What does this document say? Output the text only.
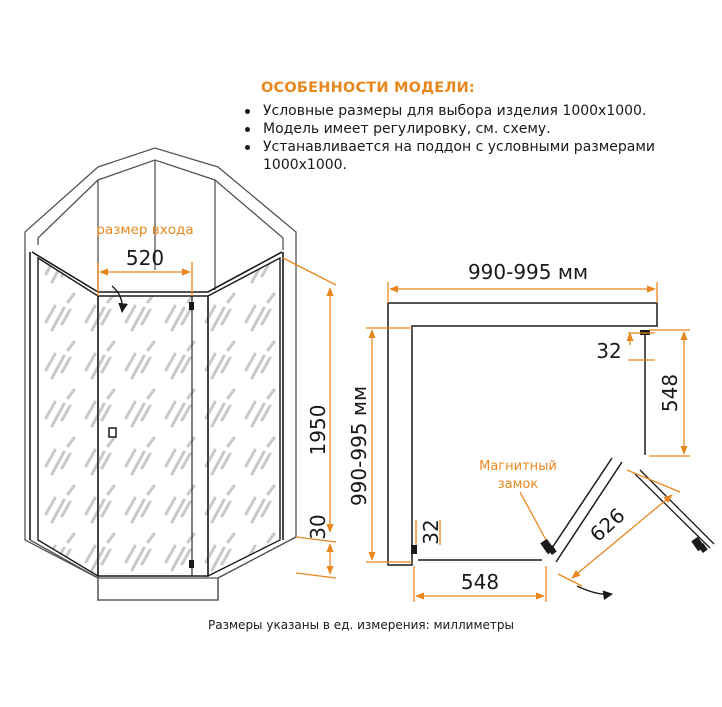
ОСОБЕННОСТИ МОДЕЛИ:
Условные размеры для выбора изделия 1000х1000.
Модель имеет регулировку, см. схему.
Устанавливается на поддон с условными размерами
1000х1000.
размер входа
520
1950
30
990-995 мм
990-995 мм
32
548
32
548
626
Магнитный
замок
Размеры указаны в ед. измерения: миллиметры
